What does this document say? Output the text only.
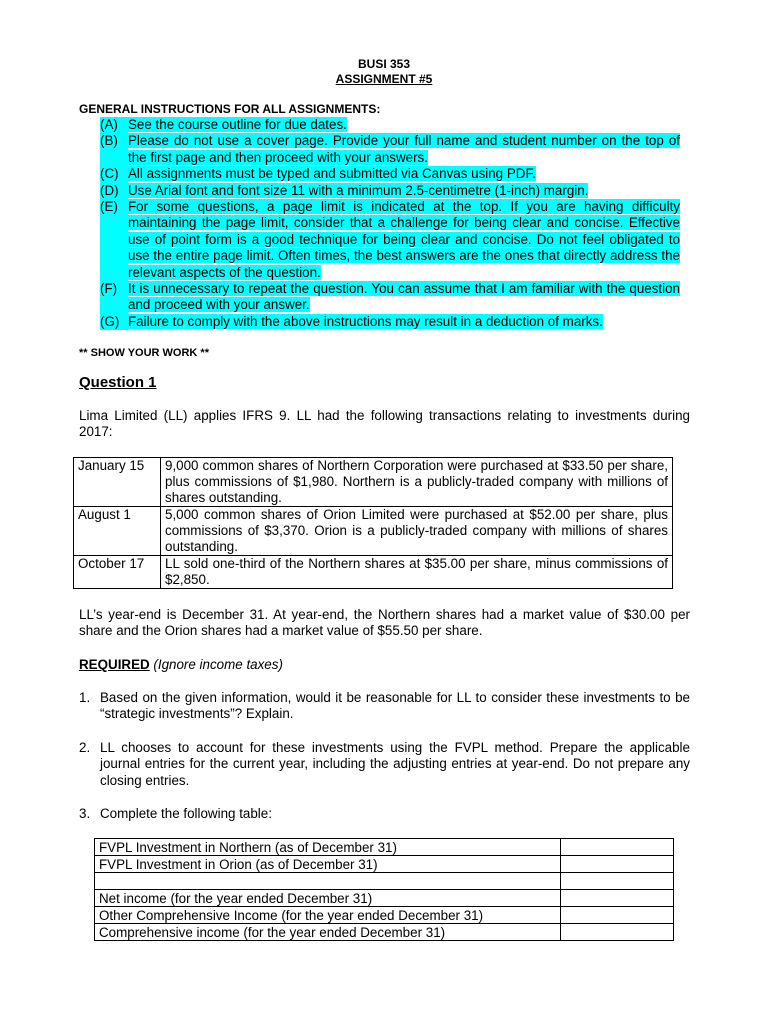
BUSI 353
ASSIGNMENT #5
GENERAL INSTRUCTIONS FOR ALL ASSIGNMENTS:
(A) See the course outline for due dates.
(B) Please do not use a cover page. Provide your full name and student number on the top of the first page and then proceed with your answers.
(C) All assignments must be typed and submitted via Canvas using PDF.
(D) Use Arial font and font size 11 with a minimum 2.5-centimetre (1-inch) margin.
(E) For some questions, a page limit is indicated at the top. If you are having difficulty maintaining the page limit, consider that a challenge for being clear and concise. Effective use of point form is a good technique for being clear and concise. Do not feel obligated to use the entire page limit. Often times, the best answers are the ones that directly address the relevant aspects of the question.
(F) It is unnecessary to repeat the question. You can assume that I am familiar with the question and proceed with your answer.
(G) Failure to comply with the above instructions may result in a deduction of marks.
** SHOW YOUR WORK **
Question 1
Lima Limited (LL) applies IFRS 9. LL had the following transactions relating to investments during 2017:
January 15	9,000 common shares of Northern Corporation were purchased at $33.50 per share, plus commissions of $1,980. Northern is a publicly-traded company with millions of shares outstanding.
August 1	5,000 common shares of Orion Limited were purchased at $52.00 per share, plus commissions of $3,370. Orion is a publicly-traded company with millions of shares outstanding.
October 17	LL sold one-third of the Northern shares at $35.00 per share, minus commissions of $2,850.
LL’s year-end is December 31. At year-end, the Northern shares had a market value of $30.00 per share and the Orion shares had a market value of $55.50 per share.
REQUIRED (Ignore income taxes)
1. Based on the given information, would it be reasonable for LL to consider these investments to be “strategic investments”? Explain.
2. LL chooses to account for these investments using the FVPL method. Prepare the applicable journal entries for the current year, including the adjusting entries at year-end. Do not prepare any closing entries.
3. Complete the following table:
FVPL Investment in Northern (as of December 31)	
FVPL Investment in Orion (as of December 31)	

Net income (for the year ended December 31)	
Other Comprehensive Income (for the year ended December 31)	
Comprehensive income (for the year ended December 31)	
